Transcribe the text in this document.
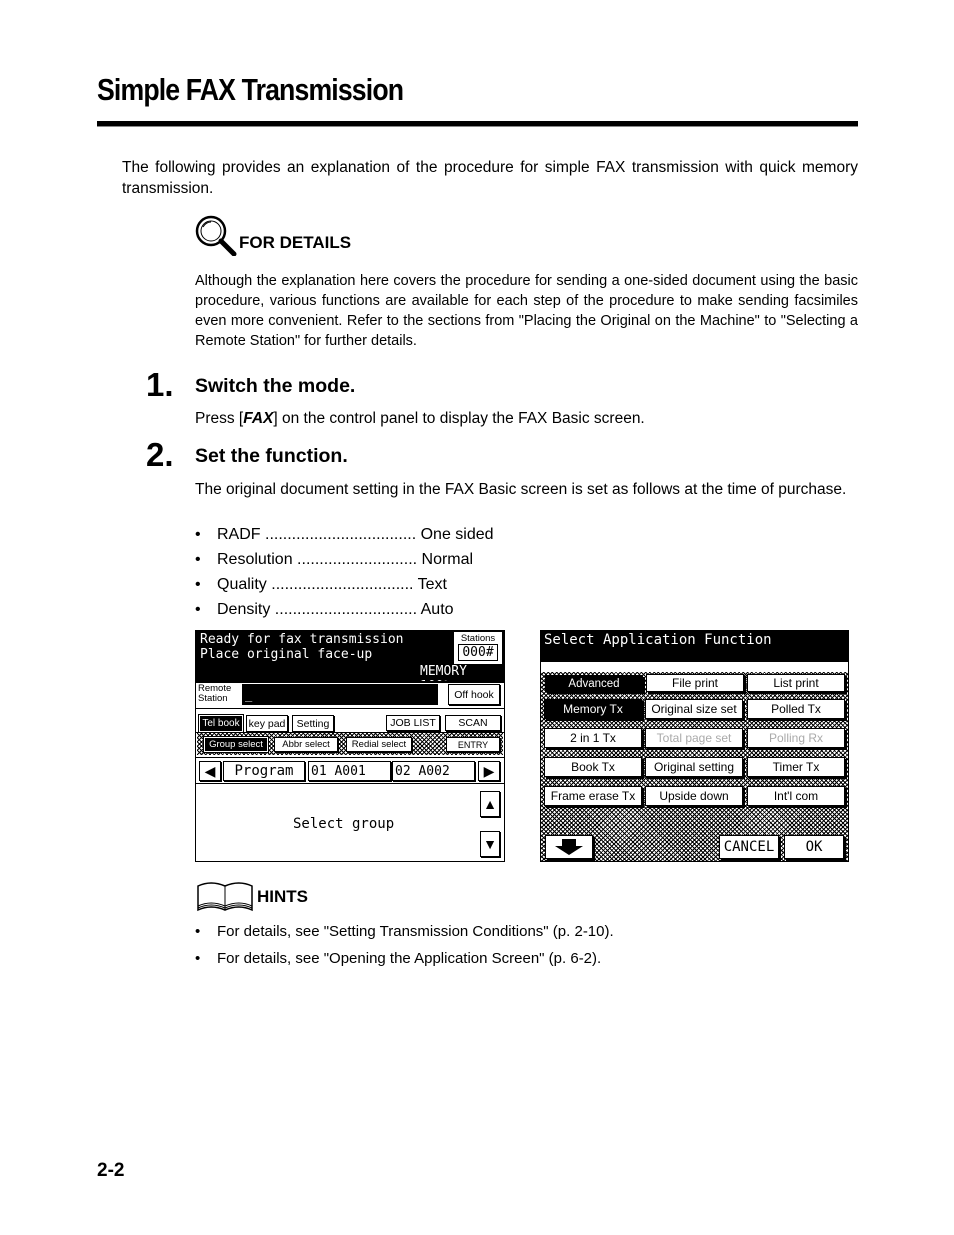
Simple FAX Transmission
The following provides an explanation of the procedure for simple FAX transmission with quick memory transmission.
FOR DETAILS
Although the explanation here covers the procedure for sending a one-sided document using the basic procedure, various functions are available for each step of the procedure to make sending facsimiles even more convenient. Refer to the sections from "Placing the Original on the Machine" to "Selecting a Remote Station" for further details.
1. Switch the mode.
Press [FAX] on the control panel to display the FAX Basic screen.
2. Set the function.
The original document setting in the FAX Basic screen is set as follows at the time of purchase.
• RADF .................................. One sided
• Resolution ........................... Normal
• Quality ................................ Text
• Density ................................ Auto
Ready for fax transmission
Place original face-up
Stations
000#
MEMORY
Remote
Station	_	Off hook
Tel book key pad	Setting	JOB LIST	SCAN
Group select	Abbr select	Redial select	ENTRY
◀	Program	01 A001	02 A002	▶
Select group
▲
▼
Select Application Function
Advanced	File print	List print
Memory Tx	Original size set	Polled Tx
2 in 1 Tx	Total page set	Polling Rx
Book Tx	Original setting	Timer Tx
Frame erase Tx	Upside down	Int'l com
CANCEL	OK
HINTS
• For details, see "Setting Transmission Conditions" (p. 2-10).
• For details, see "Opening the Application Screen" (p. 6-2).
2-2
